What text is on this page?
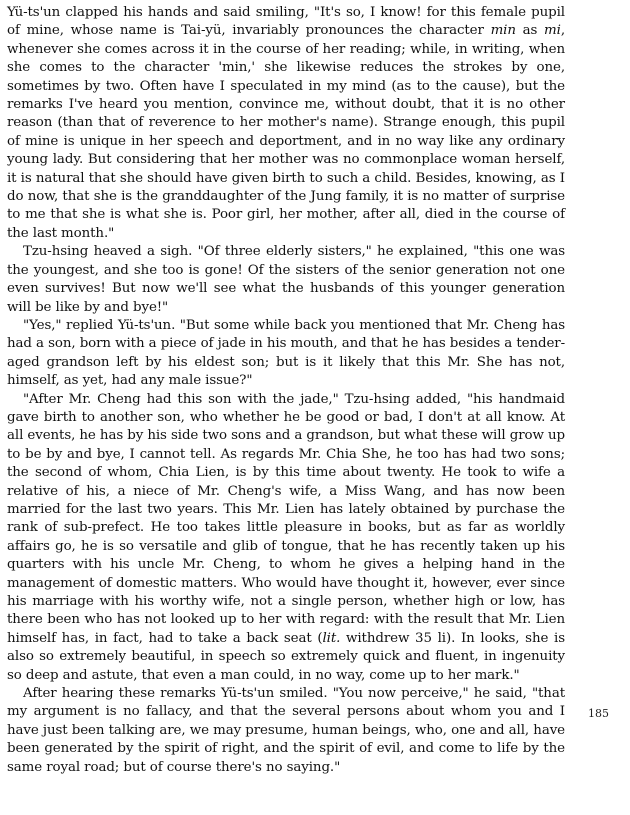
Yü-ts'un clapped his hands and said smiling, "It's so, I know! for this female pupil of mine, whose name is Tai-yü, invariably pronounces the character min as mi, whenever she comes across it in the course of her reading; while, in writing, when she comes to the character 'min,' she likewise reduces the strokes by one, sometimes by two. Often have I speculated in my mind (as to the cause), but the remarks I've heard you mention, convince me, without doubt, that it is no other reason (than that of reverence to her mother's name). Strange enough, this pupil of mine is unique in her speech and deportment, and in no way like any ordinary young lady. But considering that her mother was no commonplace woman herself, it is natural that she should have given birth to such a child. Besides, knowing, as I do now, that she is the granddaughter of the Jung family, it is no matter of surprise to me that she is what she is. Poor girl, her mother, after all, died in the course of the last month."

Tzu-hsing heaved a sigh. "Of three elderly sisters," he explained, "this one was the youngest, and she too is gone! Of the sisters of the senior generation not one even survives! But now we'll see what the husbands of this younger generation will be like by and bye!"

"Yes," replied Yü-ts'un. "But some while back you mentioned that Mr. Cheng has had a son, born with a piece of jade in his mouth, and that he has besides a tender-aged grandson left by his eldest son; but is it likely that this Mr. She has not, himself, as yet, had any male issue?"

"After Mr. Cheng had this son with the jade," Tzu-hsing added, "his handmaid gave birth to another son, who whether he be good or bad, I don't at all know. At all events, he has by his side two sons and a grandson, but what these will grow up to be by and bye, I cannot tell. As regards Mr. Chia She, he too has had two sons; the second of whom, Chia Lien, is by this time about twenty. He took to wife a relative of his, a niece of Mr. Cheng's wife, a Miss Wang, and has now been married for the last two years. This Mr. Lien has lately obtained by purchase the rank of sub-prefect. He too takes little pleasure in books, but as far as worldly affairs go, he is so versatile and glib of tongue, that he has recently taken up his quarters with his uncle Mr. Cheng, to whom he gives a helping hand in the management of domestic matters. Who would have thought it, however, ever since his marriage with his worthy wife, not a single person, whether high or low, has there been who has not looked up to her with regard: with the result that Mr. Lien himself has, in fact, had to take a back seat (lit. withdrew 35 li). In looks, she is also so extremely beautiful, in speech so extremely quick and fluent, in ingenuity so deep and astute, that even a man could, in no way, come up to her mark."

After hearing these remarks Yü-ts'un smiled. "You now perceive," he said, "that my argument is no fallacy, and that the several persons about whom you and I have just been talking are, we may presume, human beings, who, one and all, have been generated by the spirit of right, and the spirit of evil, and come to life by the same royal road; but of course there's no saying."

185
